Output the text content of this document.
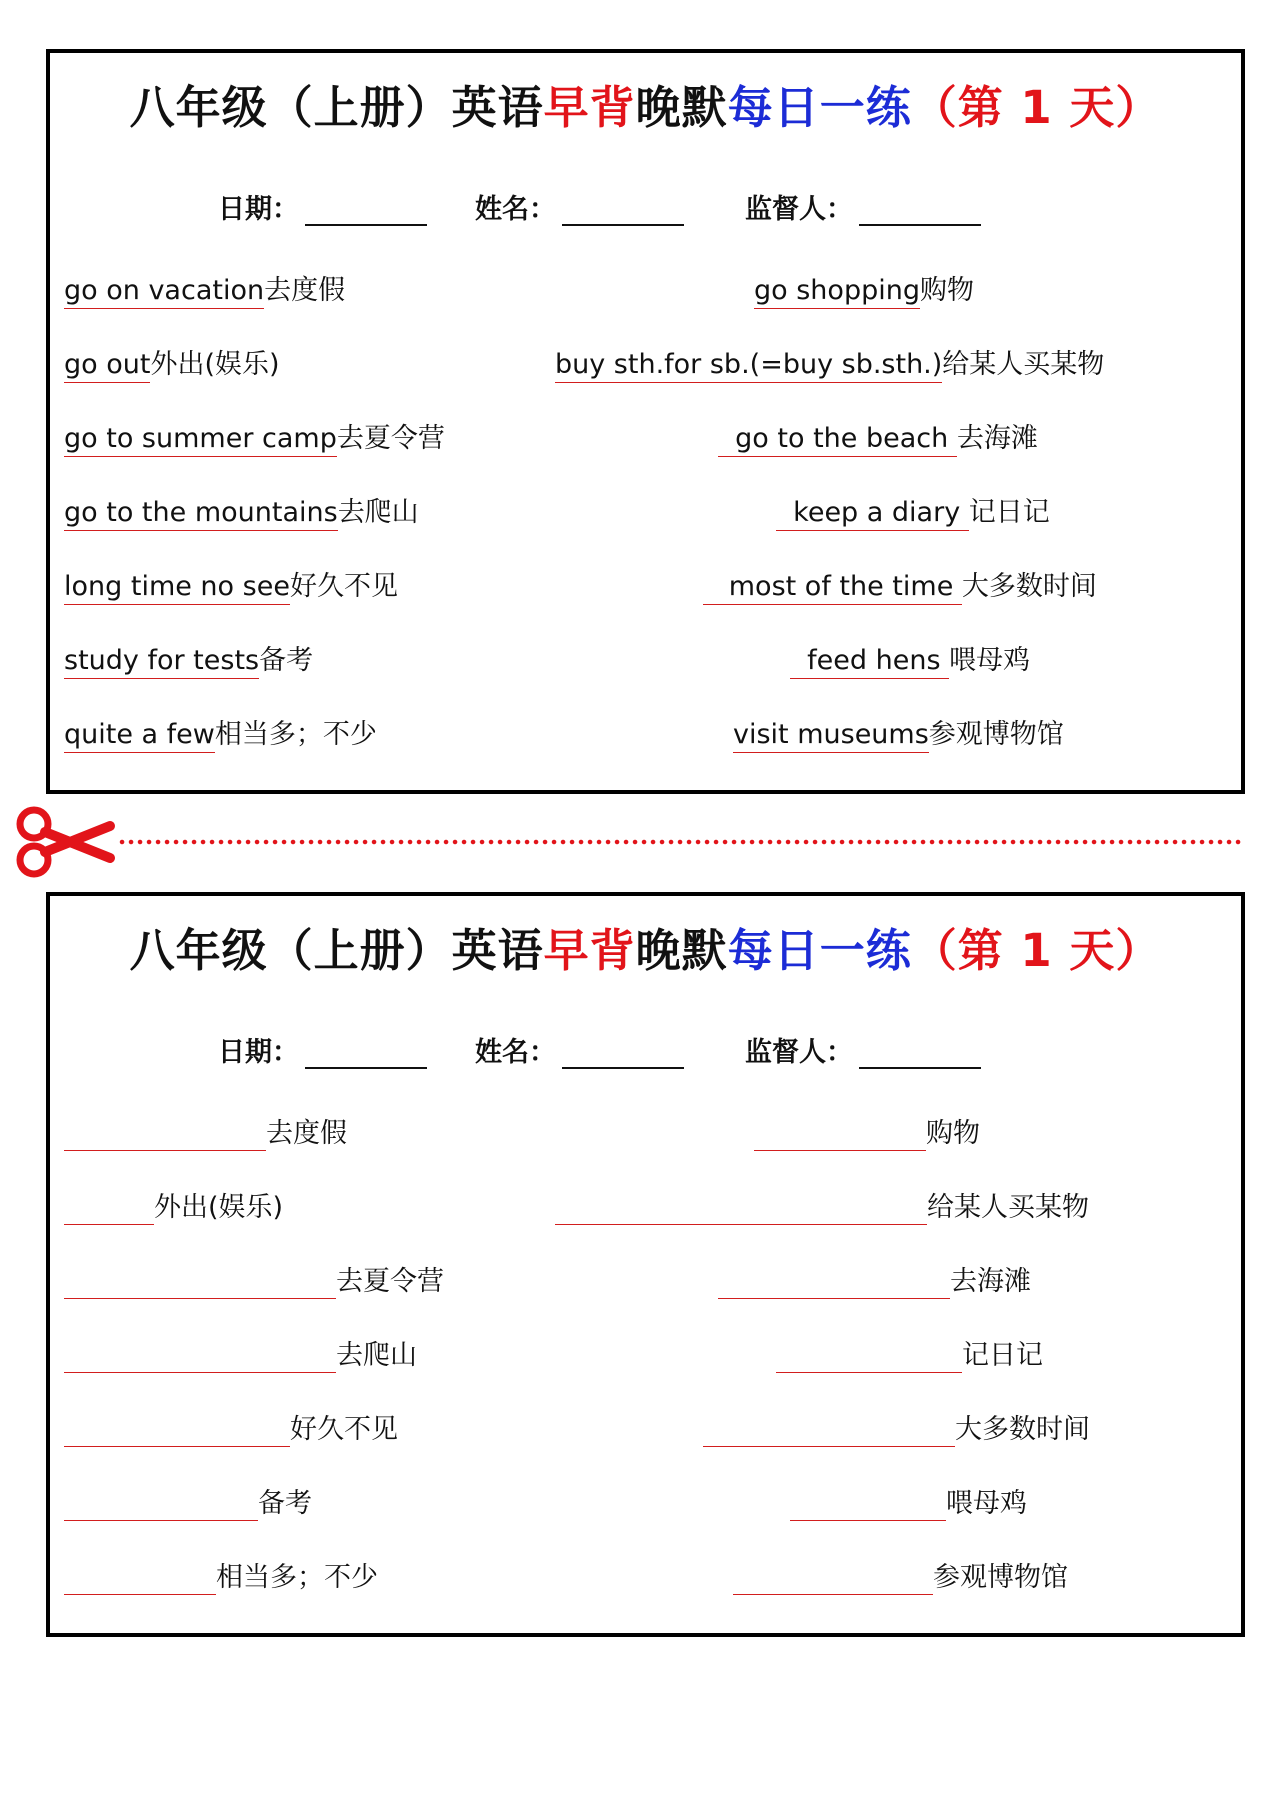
八年级（上册）英语早背晚默每日一练（第 1 天）
日期：	姓名：	监督人：
go on vacation去度假	go shopping购物
go out外出(娱乐)	buy sth.for sb.(=buy sb.sth.)给某人买某物
go to summer camp去夏令营	go to the beach 去海滩
go to the mountains去爬山	keep a diary 记日记
long time no see好久不见	most of the time 大多数时间
study for tests备考	feed hens 喂母鸡
quite a few相当多；不少	visit museums参观博物馆
八年级（上册）英语早背晚默每日一练（第 1 天）
日期：	姓名：	监督人：
去度假	购物
外出(娱乐)	给某人买某物
去夏令营	去海滩
去爬山	记日记
好久不见	大多数时间
备考	喂母鸡
相当多；不少	参观博物馆
